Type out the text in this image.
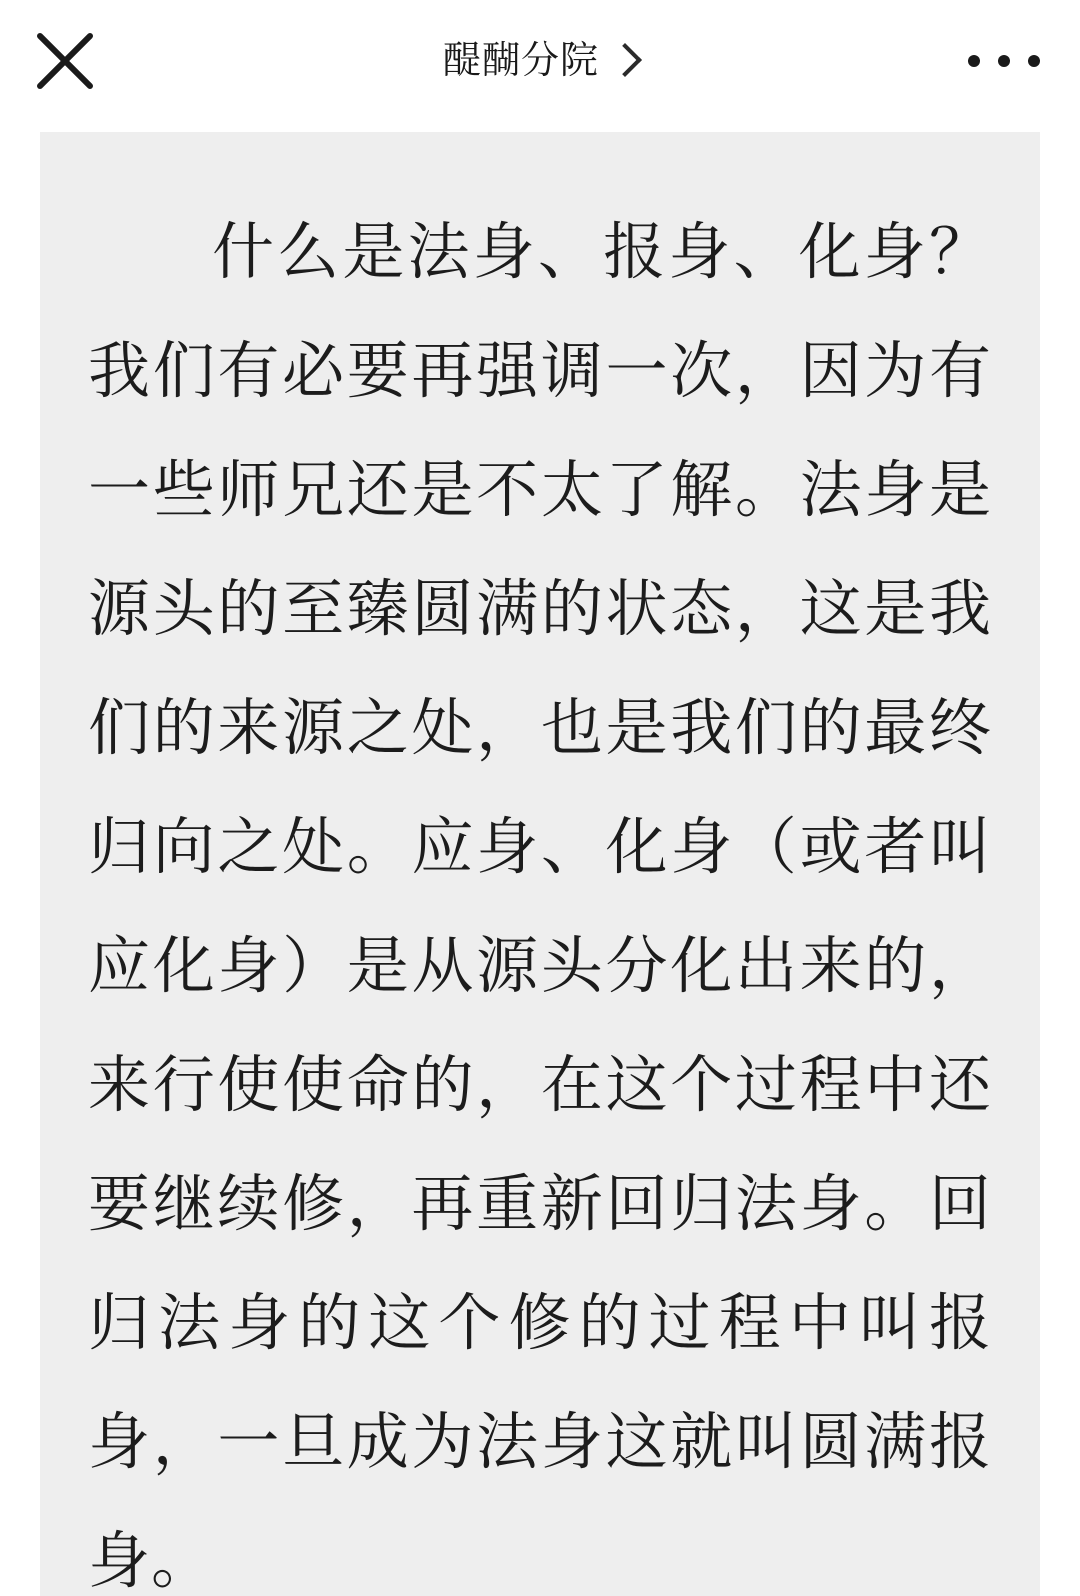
醍醐分院
什么是法身、报身、化身？我们有必要再强调一次，因为有一些师兄还是不太了解。法身是源头的至臻圆满的状态，这是我们的来源之处，也是我们的最终归向之处。应身、化身（或者叫应化身）是从源头分化出来的，来行使使命的，在这个过程中还要继续修，再重新回归法身。回归法身的这个修的过程中叫报身，一旦成为法身这就叫圆满报身。
